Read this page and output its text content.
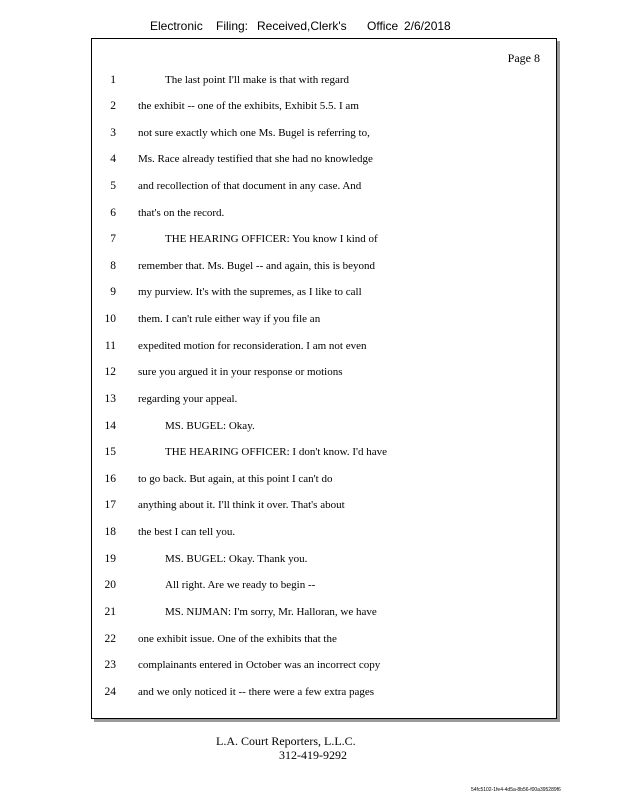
Electronic Filing: Received,Clerk's Office 2/6/2018
Page 8
1	The last point I'll make is that with regard
2 the exhibit -- one of the exhibits, Exhibit 5.5. I am
3 not sure exactly which one Ms. Bugel is referring to,
4 Ms. Race already testified that she had no knowledge
5 and recollection of that document in any case. And
6 that's on the record.
7	THE HEARING OFFICER: You know I kind of
8 remember that. Ms. Bugel -- and again, this is beyond
9 my purview. It's with the supremes, as I like to call
10 them. I can't rule either way if you file an
11 expedited motion for reconsideration. I am not even
12 sure you argued it in your response or motions
13 regarding your appeal.
14	MS. BUGEL: Okay.
15	THE HEARING OFFICER: I don't know. I'd have
16 to go back. But again, at this point I can't do
17 anything about it. I'll think it over. That's about
18 the best I can tell you.
19	MS. BUGEL: Okay. Thank you.
20	All right. Are we ready to begin --
21	MS. NIJMAN: I'm sorry, Mr. Halloran, we have
22 one exhibit issue. One of the exhibits that the
23 complainants entered in October was an incorrect copy
24 and we only noticed it -- there were a few extra pages
L.A. Court Reporters, L.L.C.
312-419-9292
54fc5102-1fe4-4d5a-8b56-f00a395289f6
